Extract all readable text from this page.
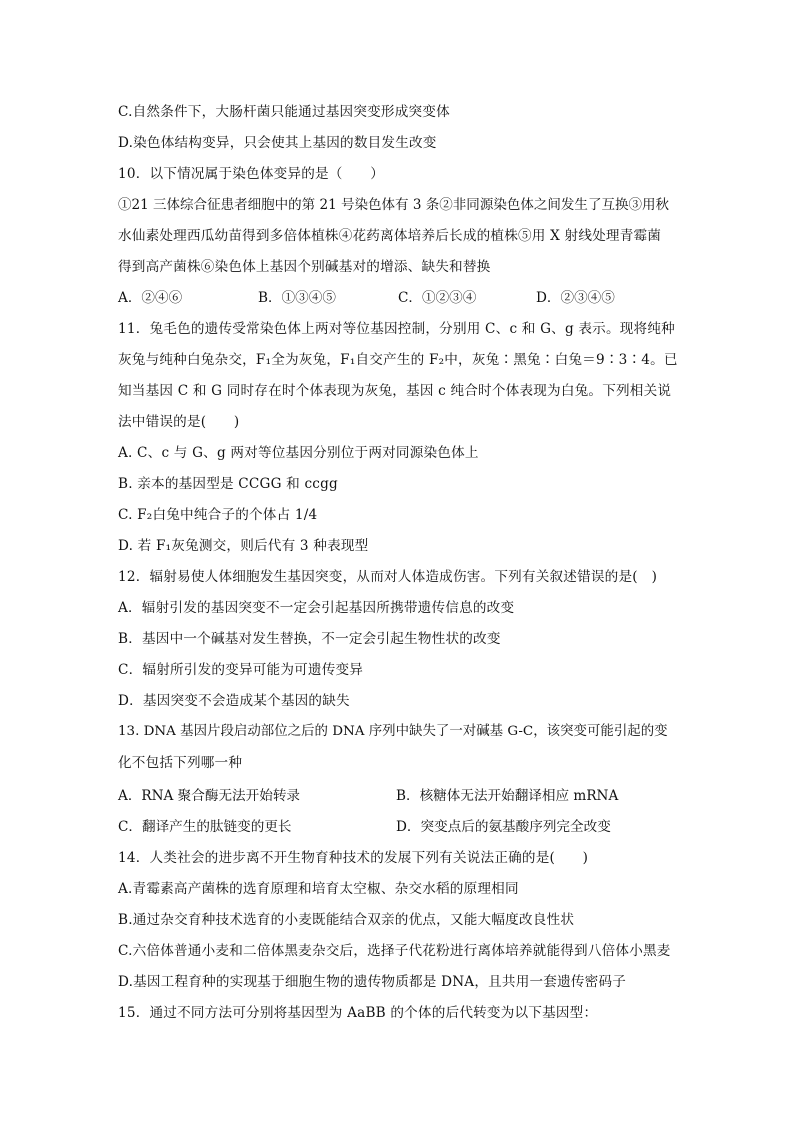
C.自然条件下，大肠杆菌只能通过基因突变形成突变体
D.染色体结构变异，只会使其上基因的数目发生改变
10．以下情况属于染色体变异的是（　　）
①21 三体综合征患者细胞中的第 21 号染色体有 3 条②非同源染色体之间发生了互换③用秋
水仙素处理西瓜幼苗得到多倍体植株④花药离体培养后长成的植株⑤用 X 射线处理青霉菌
得到高产菌株⑥染色体上基因个别碱基对的增添、缺失和替换
A．②④⑥	B．①③④⑤	C．①②③④	D．②③④⑤
11．兔毛色的遗传受常染色体上两对等位基因控制，分别用 C、c 和 G、g 表示。现将纯种
灰兔与纯种白兔杂交，F₁全为灰兔，F₁自交产生的 F₂中，灰兔∶黑兔∶白兔＝9∶3∶4。已
知当基因 C 和 G 同时存在时个体表现为灰兔，基因 c 纯合时个体表现为白兔。下列相关说
法中错误的是(　　)
A. C、c 与 G、g 两对等位基因分别位于两对同源染色体上
B. 亲本的基因型是 CCGG 和 ccgg
C. F₂白兔中纯合子的个体占 1/4
D. 若 F₁灰兔测交，则后代有 3 种表现型
12．辐射易使人体细胞发生基因突变，从而对人体造成伤害。下列有关叙述错误的是(　)
A．辐射引发的基因突变不一定会引起基因所携带遗传信息的改变
B．基因中一个碱基对发生替换，不一定会引起生物性状的改变
C．辐射所引发的变异可能为可遗传变异
D．基因突变不会造成某个基因的缺失
13. DNA 基因片段启动部位之后的 DNA 序列中缺失了一对碱基 G-C，该突变可能引起的变
化不包括下列哪一种
A．RNA 聚合酶无法开始转录	B．核糖体无法开始翻译相应 mRNA
C．翻译产生的肽链变的更长	D．突变点后的氨基酸序列完全改变
14．人类社会的进步离不开生物育种技术的发展下列有关说法正确的是(　　)
A.青霉素高产菌株的选育原理和培育太空椒、杂交水稻的原理相同
B.通过杂交育种技术选育的小麦既能结合双亲的优点，又能大幅度改良性状
C.六倍体普通小麦和二倍体黑麦杂交后，选择子代花粉进行离体培养就能得到八倍体小黑麦
D.基因工程育种的实现基于细胞生物的遗传物质都是 DNA，且共用一套遗传密码子
15．通过不同方法可分别将基因型为 AaBB 的个体的后代转变为以下基因型：
